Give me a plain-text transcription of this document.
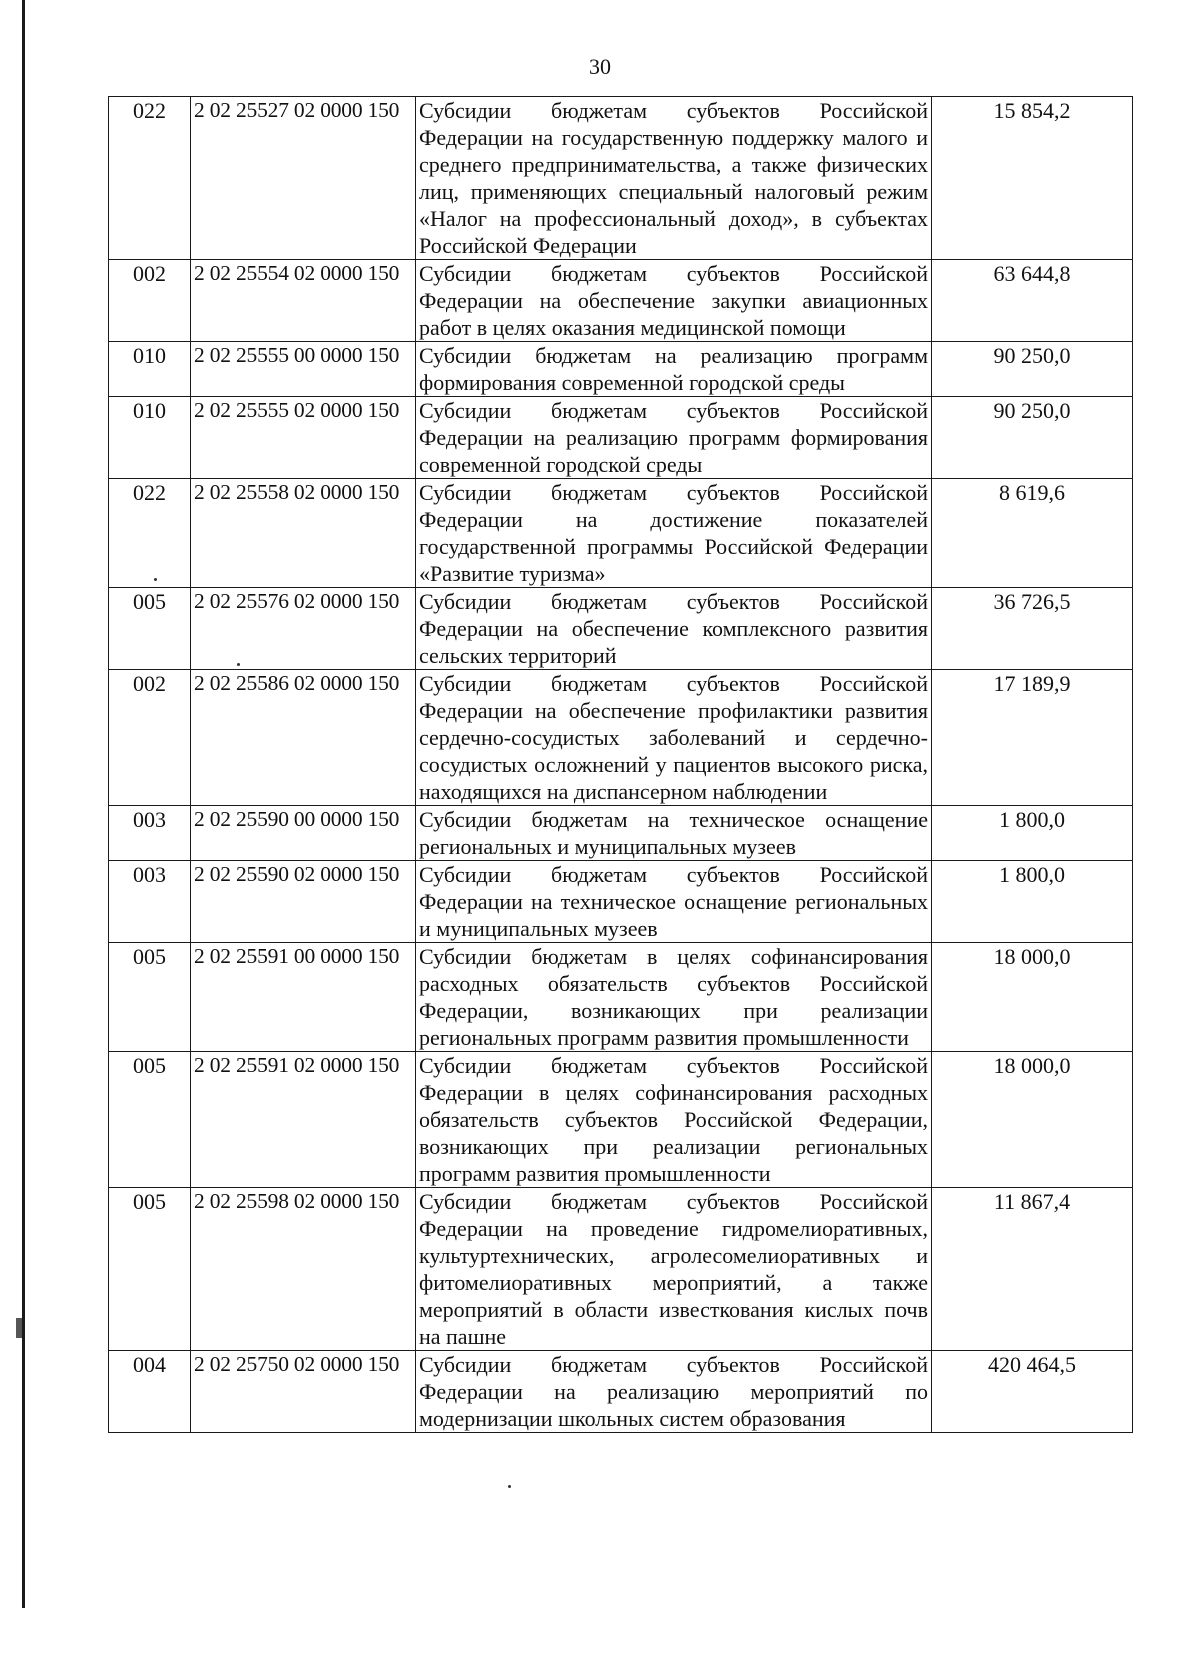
30
022	2 02 25527 02 0000 150	Субсидии бюджетам субъектов Российской Федерации на государственную поддержку малого и среднего предпринимательства, а также физических лиц, применяющих специальный налоговый режим «Налог на профессиональный доход», в субъектах Российской Федерации	15 854,2
002	2 02 25554 02 0000 150	Субсидии бюджетам субъектов Российской Федерации на обеспечение закупки авиационных работ в целях оказания медицинской помощи	63 644,8
010	2 02 25555 00 0000 150	Субсидии бюджетам на реализацию программ формирования современной городской среды	90 250,0
010	2 02 25555 02 0000 150	Субсидии бюджетам субъектов Российской Федерации на реализацию программ формирования современной городской среды	90 250,0
022	2 02 25558 02 0000 150	Субсидии бюджетам субъектов Российской Федерации на достижение показателей государственной программы Российской Федерации «Развитие туризма»	8 619,6
005	2 02 25576 02 0000 150	Субсидии бюджетам субъектов Российской Федерации на обеспечение комплексного развития сельских территорий	36 726,5
002	2 02 25586 02 0000 150	Субсидии бюджетам субъектов Российской Федерации на обеспечение профилактики развития сердечно-сосудистых заболеваний и сердечно-сосудистых осложнений у пациентов высокого риска, находящихся на диспансерном наблюдении	17 189,9
003	2 02 25590 00 0000 150	Субсидии бюджетам на техническое оснащение региональных и муниципальных музеев	1 800,0
003	2 02 25590 02 0000 150	Субсидии бюджетам субъектов Российской Федерации на техническое оснащение региональных и муниципальных музеев	1 800,0
005	2 02 25591 00 0000 150	Субсидии бюджетам в целях софинансирования расходных обязательств субъектов Российской Федерации, возникающих при реализации региональных программ развития промышленности	18 000,0
005	2 02 25591 02 0000 150	Субсидии бюджетам субъектов Российской Федерации в целях софинансирования расходных обязательств субъектов Российской Федерации, возникающих при реализации региональных программ развития промышленности	18 000,0
005	2 02 25598 02 0000 150	Субсидии бюджетам субъектов Российской Федерации на проведение гидромелиоративных, культуртехнических, агролесомелиоративных и фитомелиоративных мероприятий, а также мероприятий в области известкования кислых почв на пашне	11 867,4
004	2 02 25750 02 0000 150	Субсидии бюджетам субъектов Российской Федерации на реализацию мероприятий по модернизации школьных систем образования	420 464,5
